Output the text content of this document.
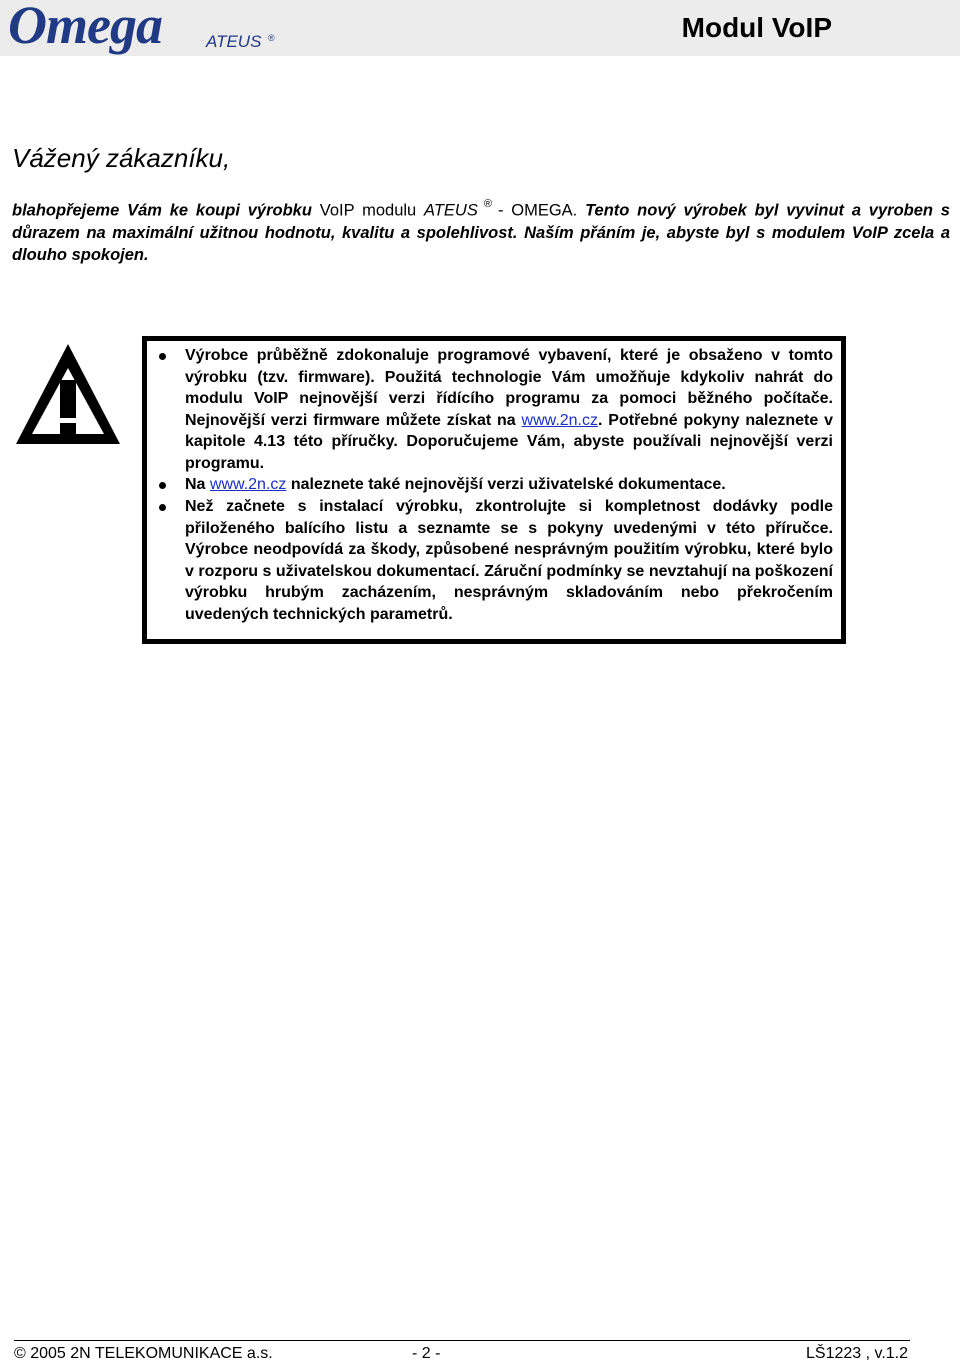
Omega	ATEUS ®	Modul VoIP
Vážený zákazníku,
blahopřejeme Vám ke koupi výrobku VoIP modulu ATEUS ® - OMEGA. Tento nový výrobek byl vyvinut a vyroben s důrazem na maximální užitnou hodnotu, kvalitu a spolehlivost. Naším přáním je, abyste byl s modulem VoIP zcela a dlouho spokojen.
Výrobce průběžně zdokonaluje programové vybavení, které je obsaženo v tomto výrobku (tzv. firmware). Použitá technologie Vám umožňuje kdykoliv nahrát do modulu VoIP nejnovější verzi řídícího programu za pomoci běžného počítače. Nejnovější verzi firmware můžete získat na www.2n.cz. Potřebné pokyny naleznete v kapitole 4.13 této příručky. Doporučujeme Vám, abyste používali nejnovější verzi programu.
Na www.2n.cz naleznete také nejnovější verzi uživatelské dokumentace.
Než začnete s instalací výrobku, zkontrolujte si kompletnost dodávky podle přiloženého balícího listu a seznamte se s pokyny uvedenými v této příručce. Výrobce neodpovídá za škody, způsobené nesprávným použitím výrobku, které bylo v rozporu s uživatelskou dokumentací. Záruční podmínky se nevztahují na poškození výrobku hrubým zacházením, nesprávným skladováním nebo překročením uvedených technických parametrů.
© 2005 2N TELEKOMUNIKACE a.s.	- 2 -	LŠ1223 , v.1.2
